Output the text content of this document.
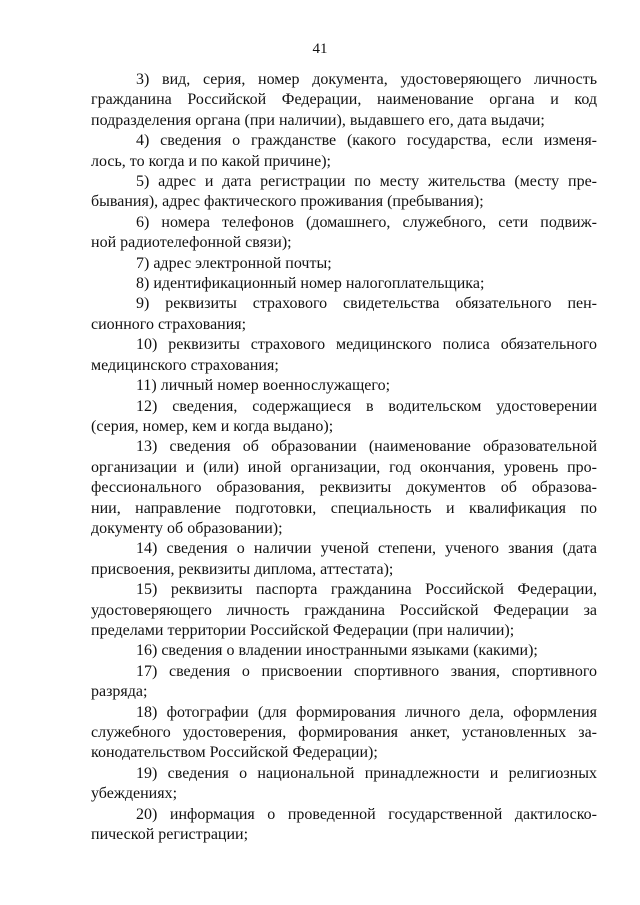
41

3) вид, серия, номер документа, удостоверяющего личность
гражданина Российской Федерации, наименование органа и код
подразделения органа (при наличии), выдавшего его, дата выдачи;

4) сведения о гражданстве (какого государства, если изменя-
лось, то когда и по какой причине);

5) адрес и дата регистрации по месту жительства (месту пре-
бывания), адрес фактического проживания (пребывания);

6) номера телефонов (домашнего, служебного, сети подвиж-
ной радиотелефонной связи);

7) адрес электронной почты;

8) идентификационный номер налогоплательщика;

9) реквизиты страхового свидетельства обязательного пен-
сионного страхования;

10) реквизиты страхового медицинского полиса обязательного
медицинского страхования;

11) личный номер военнослужащего;

12) сведения, содержащиеся в водительском удостоверении
(серия, номер, кем и когда выдано);

13) сведения об образовании (наименование образовательной
организации и (или) иной организации, год окончания, уровень про-
фессионального образования, реквизиты документов об образова-
нии, направление подготовки, специальность и квалификация по
документу об образовании);

14) сведения о наличии ученой степени, ученого звания (дата
присвоения, реквизиты диплома, аттестата);

15) реквизиты паспорта гражданина Российской Федерации,
удостоверяющего личность гражданина Российской Федерации за
пределами территории Российской Федерации (при наличии);

16) сведения о владении иностранными языками (какими);

17) сведения о присвоении спортивного звания, спортивного
разряда;

18) фотографии (для формирования личного дела, оформления
служебного удостоверения, формирования анкет, установленных за-
конодательством Российской Федерации);

19) сведения о национальной принадлежности и религиозных
убеждениях;

20) информация о проведенной государственной дактилоско-
пической регистрации;
